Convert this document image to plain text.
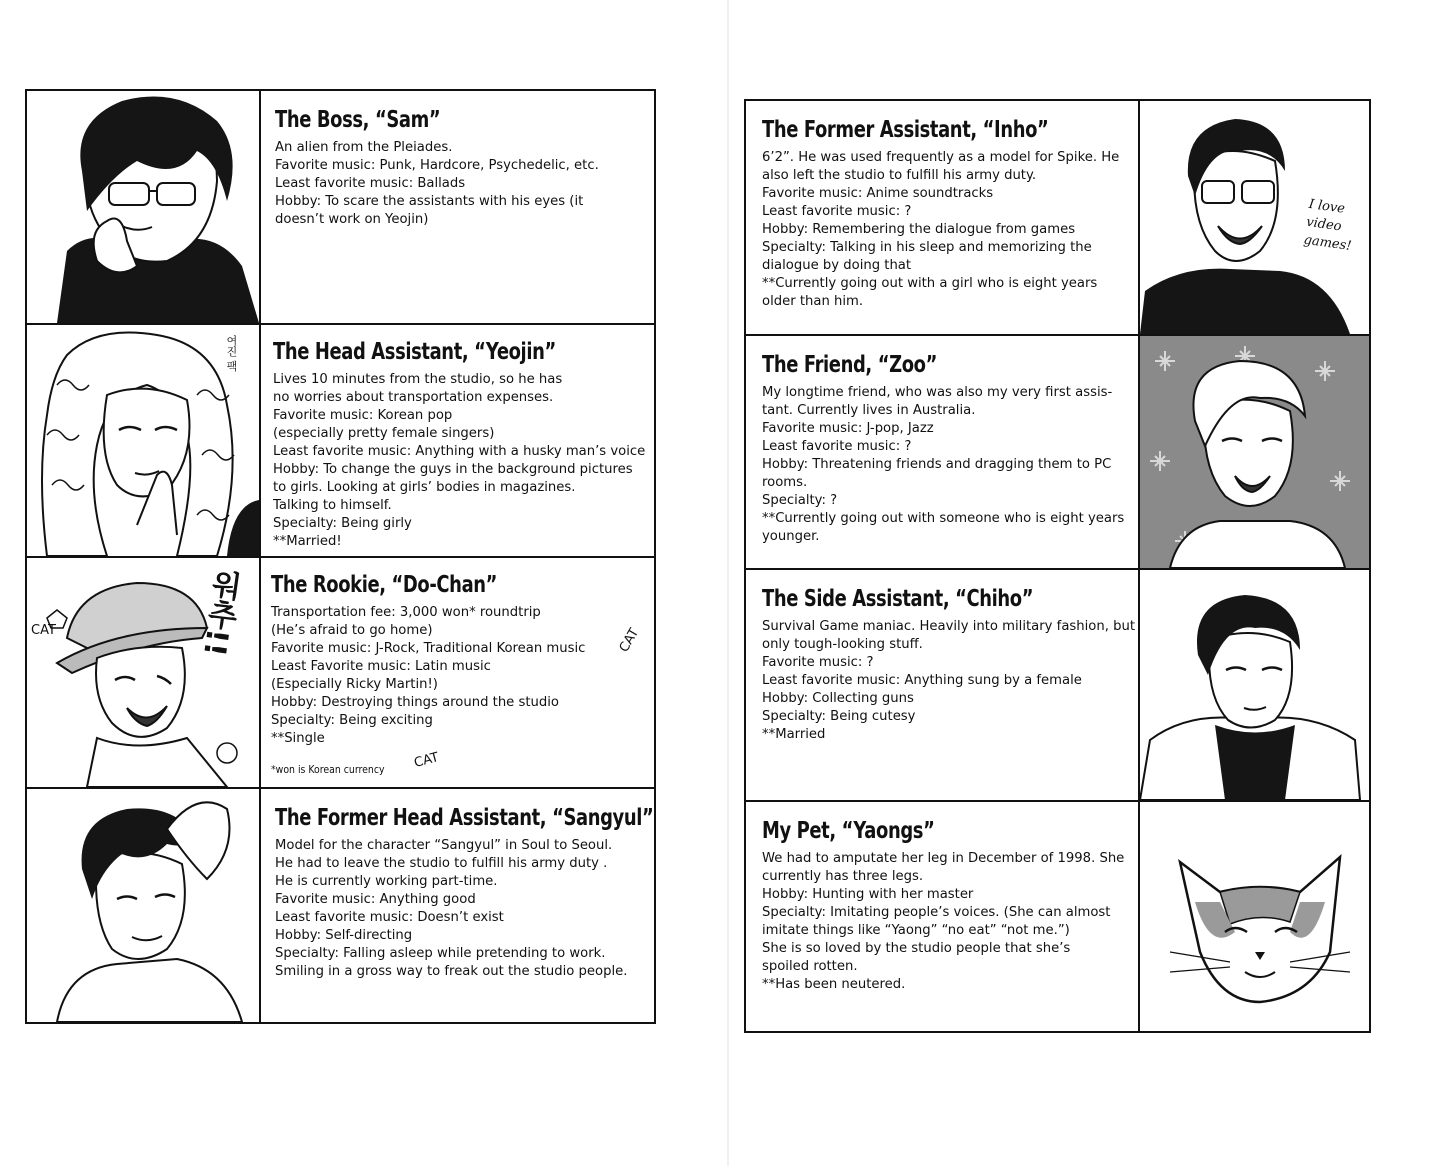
The Boss, “Sam”
An alien from the Pleiades.
Favorite music: Punk, Hardcore, Psychedelic, etc.
Least favorite music: Ballads
Hobby: To scare the assistants with his eyes (it
doesn’t work on Yeojin)
여진 팩 The Head Assistant, “Yeojin”
Lives 10 minutes from the studio, so he has
no worries about transportation expenses.
Favorite music: Korean pop
(especially pretty female singers)
Least favorite music: Anything with a husky man’s voice
Hobby: To change the guys in the background pictures
to girls. Looking at girls’ bodies in magazines.
Talking to himself.
Specialty: Being girly
**Married!
워추!!
CAT
The Rookie, “Do-Chan”
Transportation fee: 3,000 won* roundtrip
(He’s afraid to go home)
Favorite music: J-Rock, Traditional Korean music
Least Favorite music: Latin music
(Especially Ricky Martin!)
Hobby: Destroying things around the studio
Specialty: Being exciting
**Single
*won is Korean currency CAT
CAT
The Former Head Assistant, “Sangyul”
Model for the character “Sangyul” in Soul to Seoul.
He had to leave the studio to fulfill his army duty .
He is currently working part-time.
Favorite music: Anything good
Least favorite music: Doesn’t exist
Hobby: Self-directing
Specialty: Falling asleep while pretending to work.
Smiling in a gross way to freak out the studio people.
The Former Assistant, “Inho”
6’2”. He was used frequently as a model for Spike. He
also left the studio to fulfill his army duty.
Favorite music: Anime soundtracks
Least favorite music: ?
Hobby: Remembering the dialogue from games
Specialty: Talking in his sleep and memorizing the
dialogue by doing that
**Currently going out with a girl who is eight years
older than him.
I love
video
games!
The Friend, “Zoo”
My longtime friend, who was also my very first assis-
tant. Currently lives in Australia.
Favorite music: J-pop, Jazz
Least favorite music: ?
Hobby: Threatening friends and dragging them to PC
rooms.
Specialty: ?
**Currently going out with someone who is eight years
younger.
The Side Assistant, “Chiho”
Survival Game maniac. Heavily into military fashion, but
only tough-looking stuff.
Favorite music: ?
Least favorite music: Anything sung by a female
Hobby: Collecting guns
Specialty: Being cutesy
**Married
My Pet, “Yaongs”
We had to amputate her leg in December of 1998. She
currently has three legs.
Hobby: Hunting with her master
Specialty: Imitating people’s voices. (She can almost
imitate things like “Yaong” “no eat” “not me.”)
She is so loved by the studio people that she’s
spoiled rotten.
**Has been neutered.
